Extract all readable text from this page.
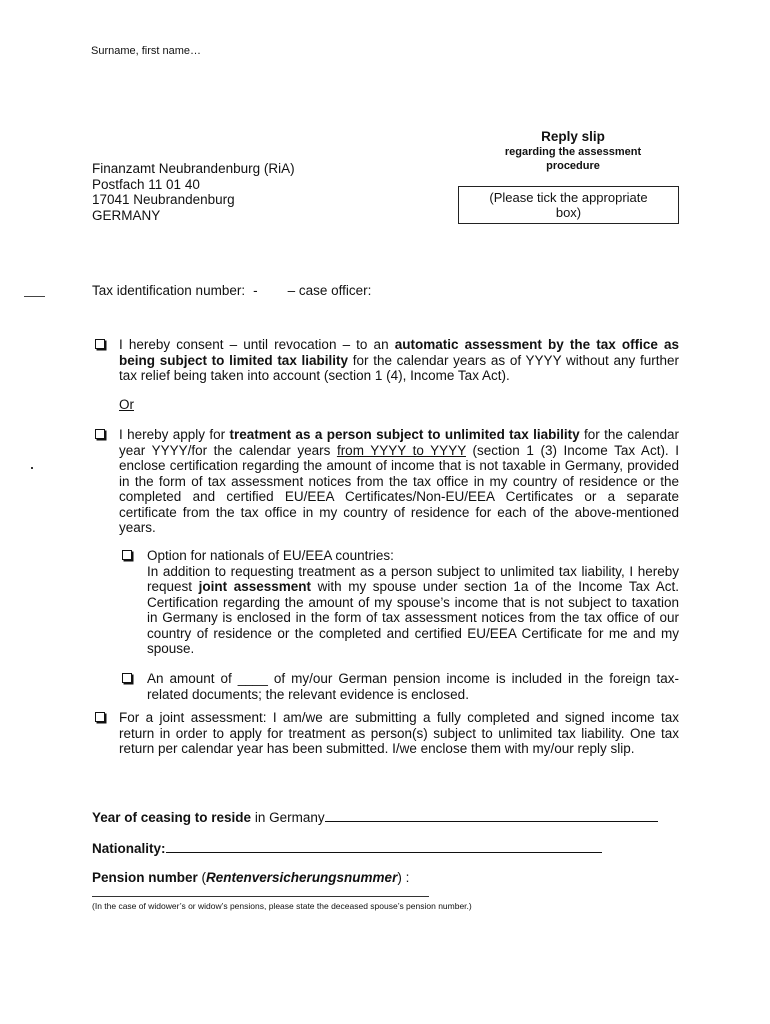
Surname, first name…
Reply slip
regarding the assessment
procedure
(Please tick the appropriate
box)
Finanzamt Neubrandenburg (RiA)
Postfach 11 01 40
17041 Neubrandenburg
GERMANY
Tax identification number: - – case officer:
I hereby consent – until revocation – to an automatic assessment by the tax office as being subject to limited tax liability for the calendar years as of YYYY without any further tax relief being taken into account (section 1 (4), Income Tax Act).
Or
I hereby apply for treatment as a person subject to unlimited tax liability for the calendar year YYYY/for the calendar years from YYYY to YYYY (section 1 (3) Income Tax Act). I enclose certification regarding the amount of income that is not taxable in Germany, provided in the form of tax assessment notices from the tax office in my country of residence or the completed and certified EU/EEA Certificates/Non-EU/EEA Certificates or a separate certificate from the tax office in my country of residence for each of the above-mentioned years.
Option for nationals of EU/EEA countries:
In addition to requesting treatment as a person subject to unlimited tax liability, I hereby request joint assessment with my spouse under section 1a of the Income Tax Act. Certification regarding the amount of my spouse’s income that is not subject to taxation in Germany is enclosed in the form of tax assessment notices from the tax office of our country of residence or the completed and certified EU/EEA Certificate for me and my spouse.
An amount of ____ of my/our German pension income is included in the foreign tax-related documents; the relevant evidence is enclosed.
For a joint assessment: I am/we are submitting a fully completed and signed income tax return in order to apply for treatment as person(s) subject to unlimited tax liability. One tax return per calendar year has been submitted. I/we enclose them with my/our reply slip.
Year of ceasing to reside in Germany
Nationality:
Pension number (Rentenversicherungsnummer) :
(In the case of widower’s or widow’s pensions, please state the deceased spouse’s pension number.)
